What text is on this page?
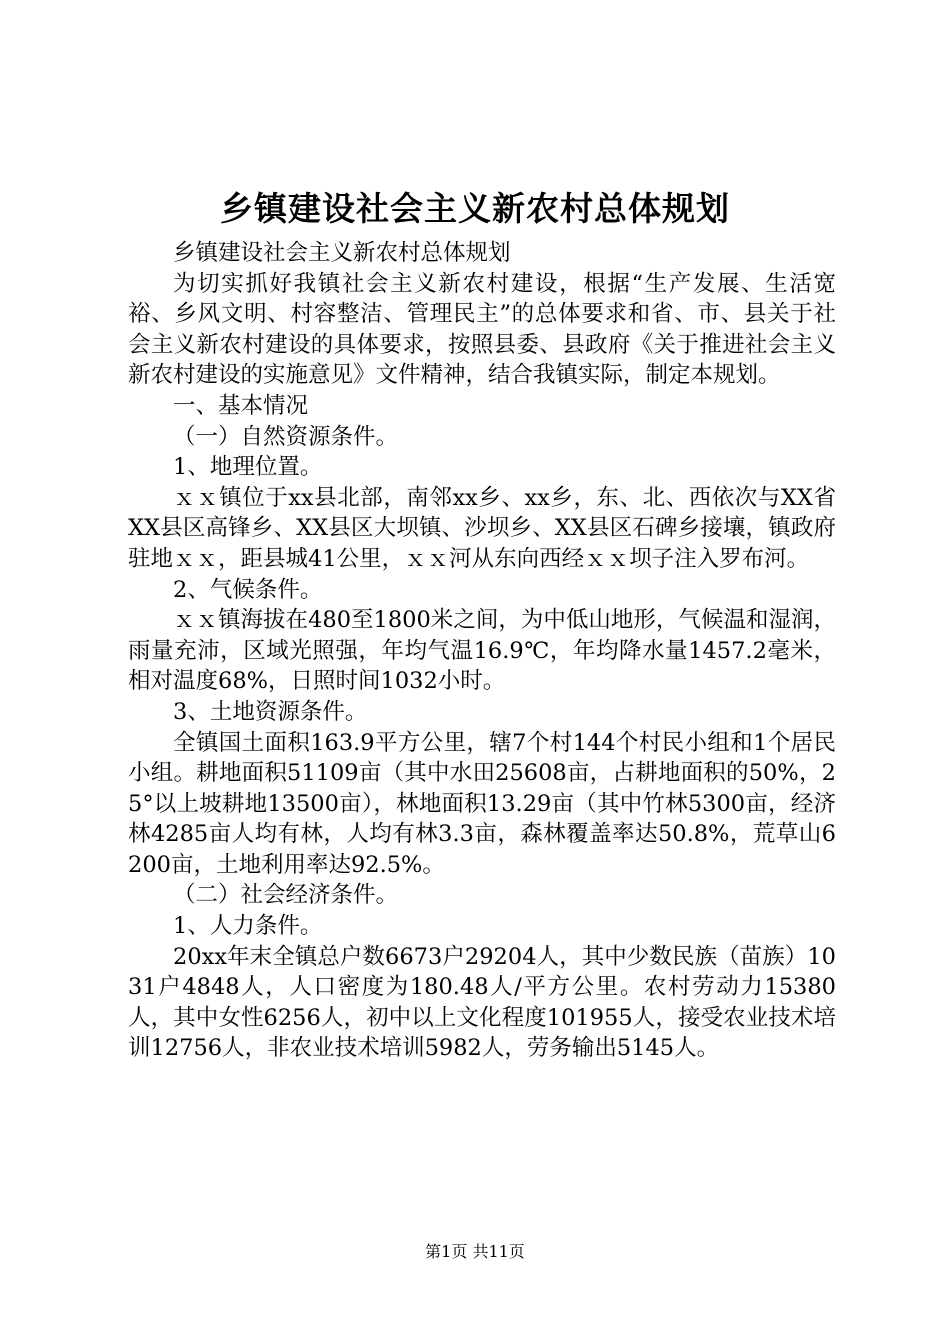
乡镇建设社会主义新农村总体规划

乡镇建设社会主义新农村总体规划

为切实抓好我镇社会主义新农村建设，根据“生产发展、生活宽裕、乡风文明、村容整洁、管理民主”的总体要求和省、市、县关于社会主义新农村建设的具体要求，按照县委、县政府《关于推进社会主义新农村建设的实施意见》文件精神，结合我镇实际，制定本规划。

一、基本情况

（一）自然资源条件。

1、地理位置。

ｘｘ镇位于xx县北部，南邻xx乡、xx乡，东、北、西依次与XX省XX县区高锋乡、XX县区大坝镇、沙坝乡、XX县区石碑乡接壤，镇政府驻地ｘｘ，距县城41公里，ｘｘ河从东向西经ｘｘ坝子注入罗布河。

2、气候条件。

ｘｘ镇海拔在480至1800米之间，为中低山地形，气候温和湿润，雨量充沛，区域光照强，年均气温16.9℃，年均降水量1457.2毫米，相对温度68%，日照时间1032小时。

3、土地资源条件。

全镇国土面积163.9平方公里，辖7个村144个村民小组和1个居民小组。耕地面积51109亩（其中水田25608亩，占耕地面积的50%，25°以上坡耕地13500亩），林地面积13.29亩（其中竹林5300亩，经济林4285亩人均有林，人均有林3.3亩，森林覆盖率达50.8%，荒草山6200亩，土地利用率达92.5%。

（二）社会经济条件。

1、人力条件。

20xx年末全镇总户数6673户29204人，其中少数民族（苗族）1031户4848人，人口密度为180.48人/平方公里。农村劳动力15380人，其中女性6256人，初中以上文化程度101955人，接受农业技术培训12756人，非农业技术培训5982人，劳务输出5145人。

第1页 共11页
